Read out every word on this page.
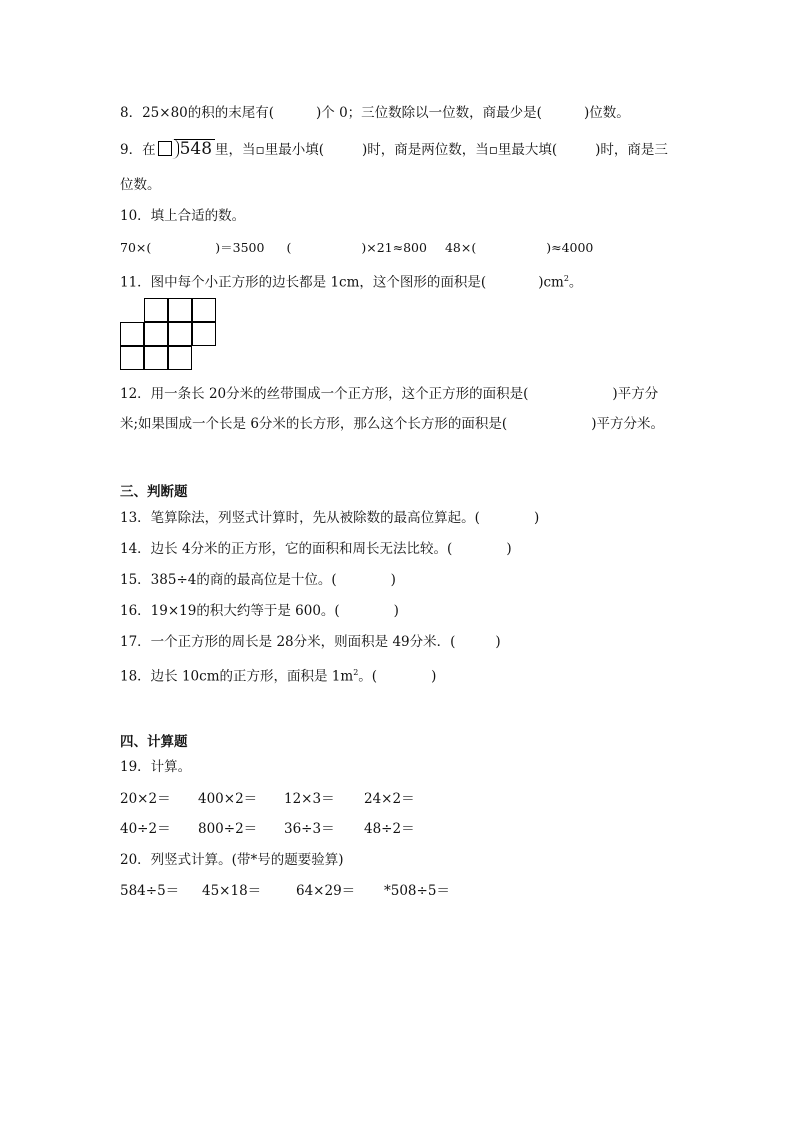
8．25×80的积的末尾有(	)个 0；三位数除以一位数，商最少是(	)位数。
9．在 548 里，当▫里最小填(	)时，商是两位数，当▫里最大填(	)时，商是三
位数。
10．填上合适的数。
70×(	)＝3500 (	)×21≈800 48×(	)≈4000
11．图中每个小正方形的边长都是 1cm，这个图形的面积是(	)$cm^2$。
12．用一条长 20分米的丝带围成一个正方形，这个正方形的面积是(	)平方分
米;如果围成一个长是 6分米的长方形，那么这个长方形的面积是(	)平方分米。
三、判断题
13．笔算除法，列竖式计算时，先从被除数的最高位算起。(	)
14．边长 4分米的正方形，它的面积和周长无法比较。(	)
15．385÷4的商的最高位是十位。(	)
16．19×19的积大约等于是 600。(	)
17．一个正方形的周长是 28分米，则面积是 49分米．(	)
18．边长 10cm的正方形，面积是 $1m^2$。(	)
四、计算题
19．计算。
20×2＝ 400×2＝ 12×3＝ 24×2＝
40÷2＝ 800÷2＝ 36÷3＝ 48÷2＝
20．列竖式计算。(带*号的题要验算)
584÷5＝ 45×18＝	64×29＝ *508÷5＝
